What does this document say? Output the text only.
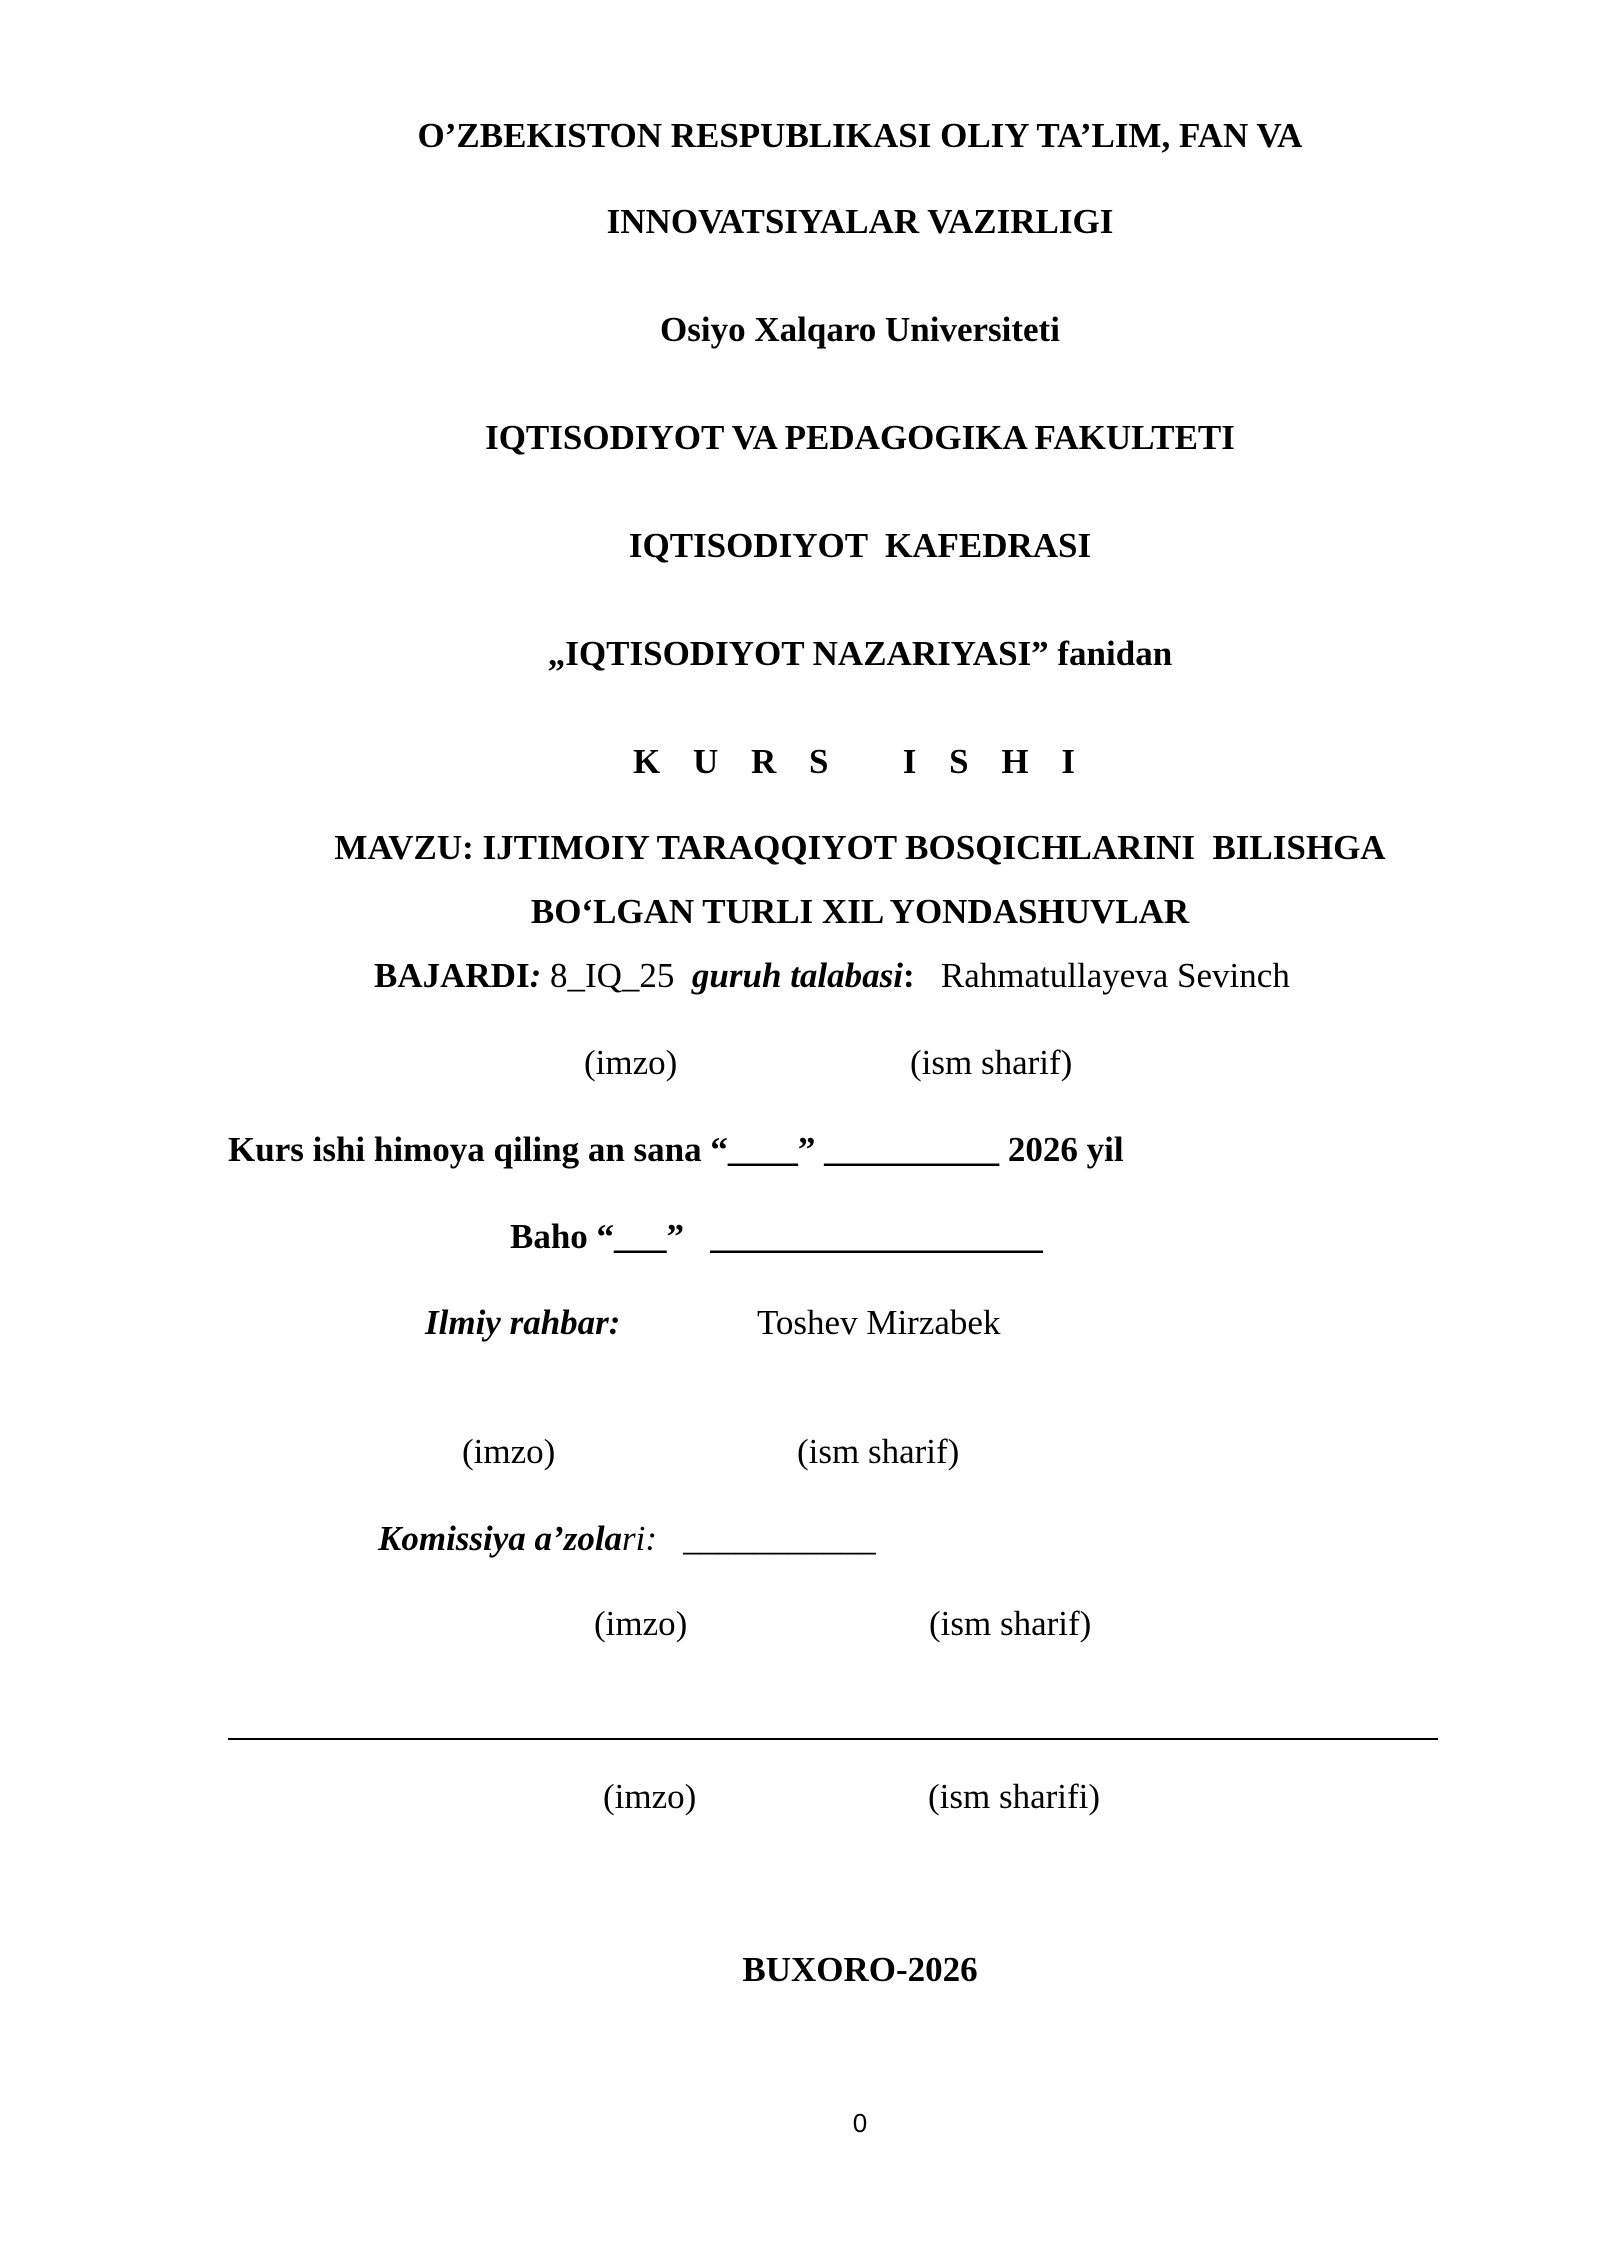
O’ZBEKISTON RESPUBLIKASI OLIY TA’LIM, FAN VA
INNOVATSIYALAR VAZIRLIGI
Osiyo Xalqaro Universiteti
IQTISODIYOT VA PEDAGOGIKA FAKULTETI
IQTISODIYOT  KAFEDRASI
„IQTISODIYOT NAZARIYASI” fanidan
K U R S   I S H I
MAVZU: IJTIMOIY TARAQQIYOT BOSQICHLARINI  BILISHGA
BO‘LGAN TURLI XIL YONDASHUVLAR
BAJARDI: 8_IQ_25  guruh talabasi:   Rahmatullayeva Sevinch
(imzo)	(ism sharif)
Kurs ishi himoya qiling an sana “____” __________ 2026 yil
Baho “___”   ___________________
Ilmiy rahbar:	Toshev Mirzabek
(imzo)	(ism sharif)
Komissiya a’zolari: ___________
(imzo)	(ism sharif)
(imzo)	(ism sharifi)
BUXORO-2026
0
